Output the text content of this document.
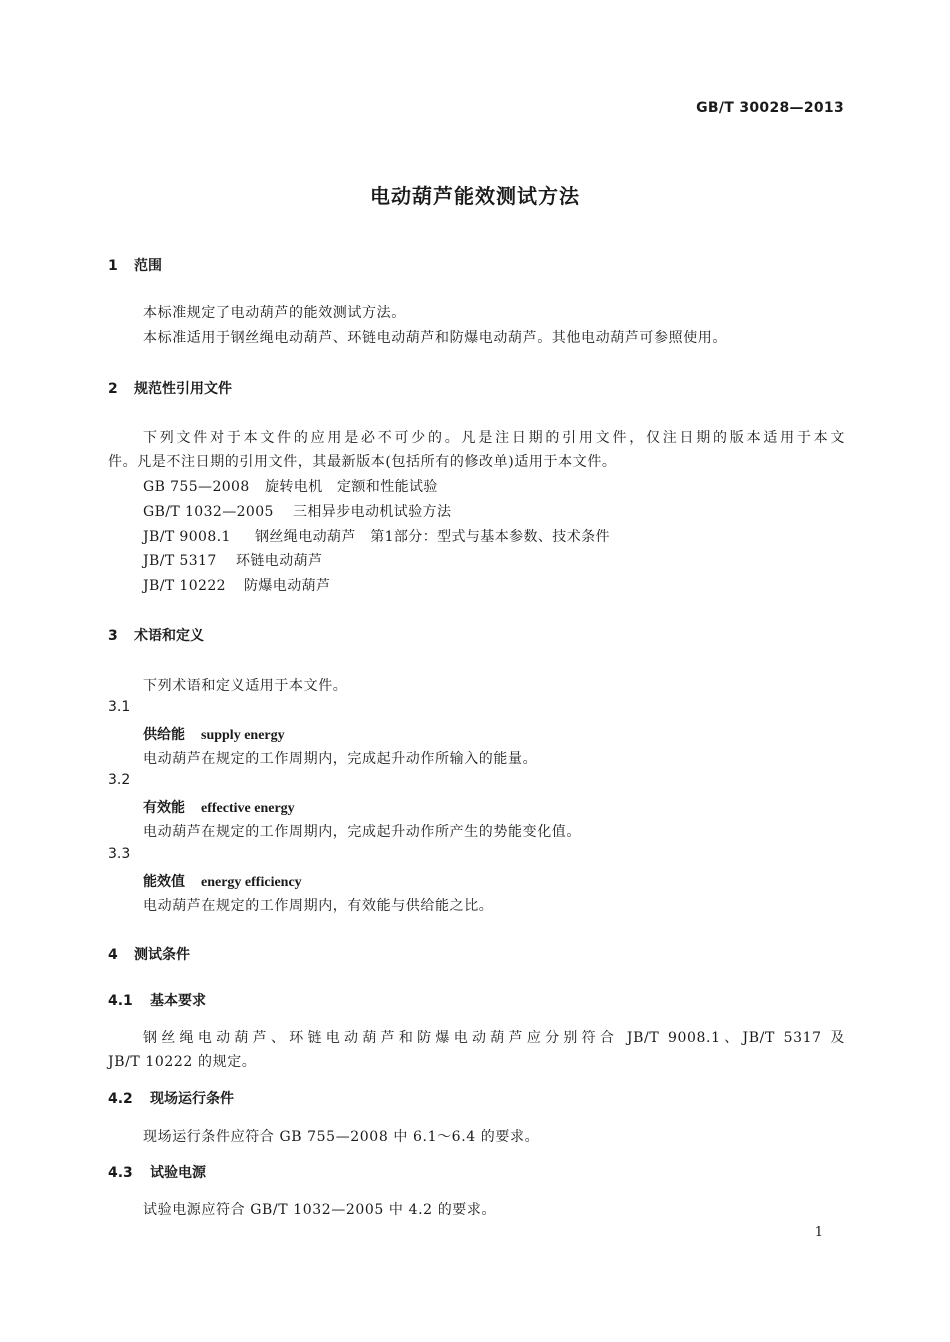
GB/T 30028—2013
电动葫芦能效测试方法
1 范围
本标准规定了电动葫芦的能效测试方法。
本标准适用于钢丝绳电动葫芦、环链电动葫芦和防爆电动葫芦。其他电动葫芦可参照使用。
2 规范性引用文件
下列文件对于本文件的应用是必不可少的。凡是注日期的引用文件，仅注日期的版本适用于本文
件。凡是不注日期的引用文件，其最新版本(包括所有的修改单)适用于本文件。
GB 755—2008 旋转电机　定额和性能试验
GB/T 1032—2005 三相异步电动机试验方法
JB/T 9008.1 钢丝绳电动葫芦　第1部分：型式与基本参数、技术条件
JB/T 5317 环链电动葫芦
JB/T 10222 防爆电动葫芦
3 术语和定义
下列术语和定义适用于本文件。
3.1
供给能 supply energy
电动葫芦在规定的工作周期内，完成起升动作所输入的能量。
3.2
有效能 effective energy
电动葫芦在规定的工作周期内，完成起升动作所产生的势能变化值。
3.3
能效值 energy efficiency
电动葫芦在规定的工作周期内，有效能与供给能之比。
4 测试条件
4.1 基本要求
钢丝绳电动葫芦、环链电动葫芦和防爆电动葫芦应分别符合 JB/T 9008.1、JB/T 5317 及
JB/T 10222 的规定。
4.2 现场运行条件
现场运行条件应符合 GB 755—2008 中 6.1～6.4 的要求。
4.3 试验电源
试验电源应符合 GB/T 1032—2005 中 4.2 的要求。
1
